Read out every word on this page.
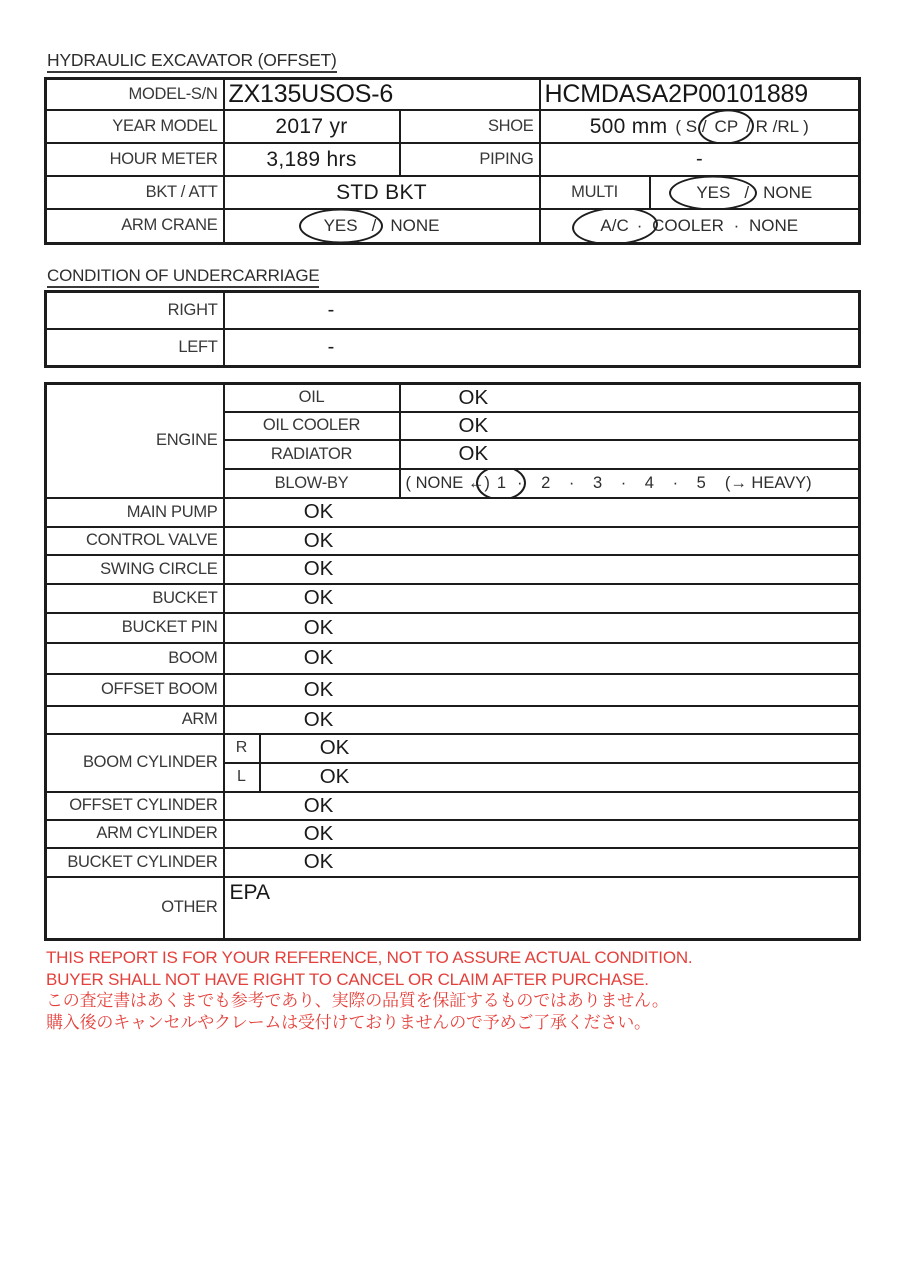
HYDRAULIC EXCAVATOR (OFFSET)
MODEL-S/N	ZX135USOS-6		HCMDASA2P00101889	
YEAR MODEL	2017 yr	SHOE	500 mm ( S / CP / R /RL )	

HOUR METER	3,189 hrs	PIPING	-	
BKT / ATT	STD BKT		MULTI	YES / NONE

ARM CRANE	YES / NONE		A/C · COOLER · NONE	
CONDITION OF UNDERCARRIAGE
RIGHT	-
LEFT	-
ENGINE	OIL		OK
	OIL COOLER		OK
	RADIATOR		OK
	BLOW-BY		( NONE ←) 1 · 2 · 3 · 4 · 5 (→ HEAVY)

MAIN PUMP	OK		
CONTROL VALVE	OK		
SWING CIRCLE	OK		
BUCKET	OK		
BUCKET PIN	OK		
BOOM	OK		
OFFSET BOOM	OK		
ARM	OK		
BOOM CYLINDER	R	OK	
	L	OK	
OFFSET CYLINDER	OK		
ARM CYLINDER	OK		
BUCKET CYLINDER	OK		
OTHER	EPA		
THIS REPORT IS FOR YOUR REFERENCE, NOT TO ASSURE ACTUAL CONDITION.
BUYER SHALL NOT HAVE RIGHT TO CANCEL OR CLAIM AFTER PURCHASE.
この査定書はあくまでも参考であり、実際の品質を保証するものではありません。
購入後のキャンセルやクレームは受付けておりませんので予めご了承ください。
